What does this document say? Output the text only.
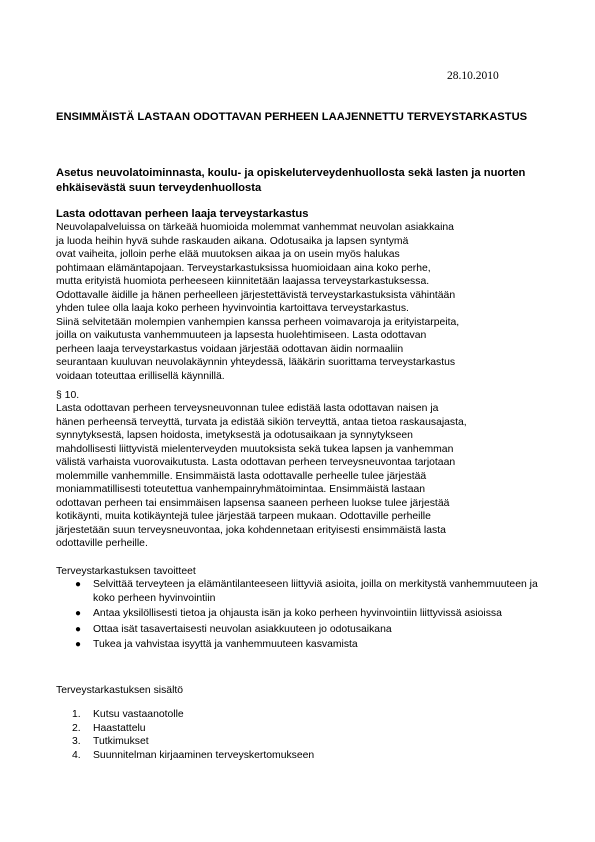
28.10.2010
ENSIMMÄISTÄ LASTAAN ODOTTAVAN PERHEEN LAAJENNETTU TERVEYSTARKASTUS
Asetus neuvolatoiminnasta, koulu- ja opiskeluterveydenhuollosta sekä lasten ja nuorten ehkäisevästä suun terveydenhuollosta
Lasta odottavan perheen laaja terveystarkastus
Neuvolapalveluissa on tärkeää huomioida molemmat vanhemmat neuvolan asiakkaina
ja luoda heihin hyvä suhde raskauden aikana. Odotusaika ja lapsen syntymä
ovat vaiheita, jolloin perhe elää muutoksen aikaa ja on usein myös halukas
pohtimaan elämäntapojaan. Terveystarkastuksissa huomioidaan aina koko perhe,
mutta erityistä huomiota perheeseen kiinnitetään laajassa terveystarkastuksessa.
Odottavalle äidille ja hänen perheelleen järjestettävistä terveystarkastuksista vähintään
yhden tulee olla laaja koko perheen hyvinvointia kartoittava terveystarkastus.
Siinä selvitetään molempien vanhempien kanssa perheen voimavaroja ja erityistarpeita,
joilla on vaikutusta vanhemmuuteen ja lapsesta huolehtimiseen. Lasta odottavan
perheen laaja terveystarkastus voidaan järjestää odottavan äidin normaaliin
seurantaan kuuluvan neuvolakäynnin yhteydessä, lääkärin suorittama terveystarkastus
voidaan toteuttaa erillisellä käynnillä.
§ 10.
Lasta odottavan perheen terveysneuvonnan tulee edistää lasta odottavan naisen ja
hänen perheensä terveyttä, turvata ja edistää sikiön terveyttä, antaa tietoa raskausajasta,
synnytyksestä, lapsen hoidosta, imetyksestä ja odotusaikaan ja synnytykseen
mahdollisesti liittyvistä mielenterveyden muutoksista sekä tukea lapsen ja vanhemman
välistä varhaista vuorovaikutusta. Lasta odottavan perheen terveysneuvontaa tarjotaan
molemmille vanhemmille. Ensimmäistä lasta odottavalle perheelle tulee järjestää
moniammatillisesti toteutettua vanhempainryhmätoimintaa. Ensimmäistä lastaan
odottavan perheen tai ensimmäisen lapsensa saaneen perheen luokse tulee järjestää
kotikäynti, muita kotikäyntejä tulee järjestää tarpeen mukaan. Odottaville perheille
järjestetään suun terveysneuvontaa, joka kohdennetaan erityisesti ensimmäistä lasta
odottaville perheille.
Terveystarkastuksen tavoitteet
●	Selvittää terveyteen ja elämäntilanteeseen liittyviä asioita, joilla on merkitystä vanhemmuuteen ja koko perheen hyvinvointiin
●	Antaa yksilöllisesti tietoa ja ohjausta isän ja koko perheen hyvinvointiin liittyvissä asioissa
●	Ottaa isät tasavertaisesti neuvolan asiakkuuteen jo odotusaikana
●	Tukea ja vahvistaa isyyttä ja vanhemmuuteen kasvamista
Terveystarkastuksen sisältö
1. Kutsu vastaanotolle
2. Haastattelu
3. Tutkimukset
4. Suunnitelman kirjaaminen terveyskertomukseen
